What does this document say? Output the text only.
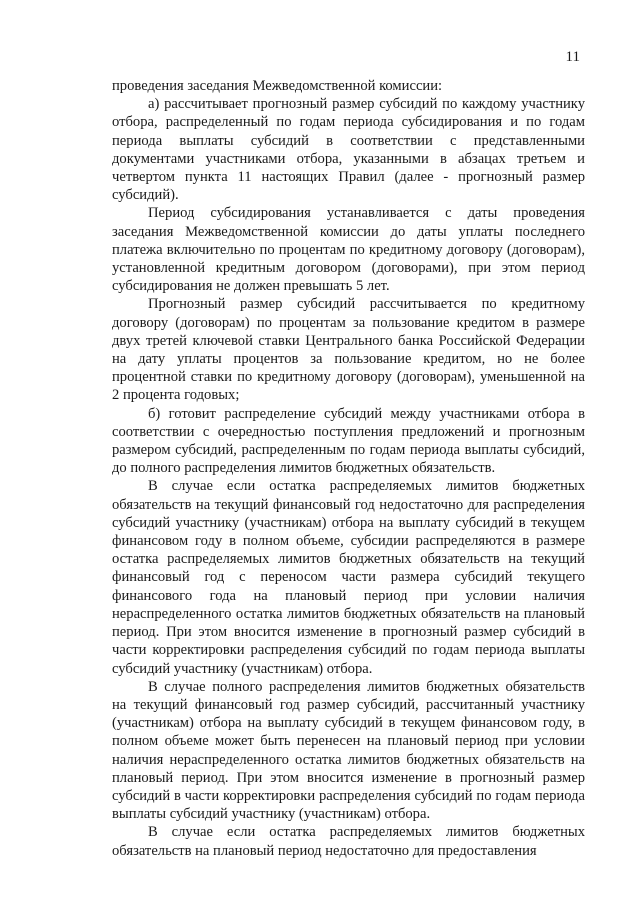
11

проведения заседания Межведомственной комиссии:

а) рассчитывает прогнозный размер субсидий по каждому участнику отбора, распределенный по годам периода субсидирования и по годам периода выплаты субсидий в соответствии с представленными документами участниками отбора, указанными в абзацах третьем и четвертом пункта 11 настоящих Правил (далее - прогнозный размер субсидий).

Период субсидирования устанавливается с даты проведения заседания Межведомственной комиссии до даты уплаты последнего платежа включительно по процентам по кредитному договору (договорам), установленной кредитным договором (договорами), при этом период субсидирования не должен превышать 5 лет.

Прогнозный размер субсидий рассчитывается по кредитному договору (договорам) по процентам за пользование кредитом в размере двух третей ключевой ставки Центрального банка Российской Федерации на дату уплаты процентов за пользование кредитом, но не более процентной ставки по кредитному договору (договорам), уменьшенной на 2 процента годовых;

б) готовит распределение субсидий между участниками отбора в соответствии с очередностью поступления предложений и прогнозным размером субсидий, распределенным по годам периода выплаты субсидий, до полного распределения лимитов бюджетных обязательств.

В случае если остатка распределяемых лимитов бюджетных обязательств на текущий финансовый год недостаточно для распределения субсидий участнику (участникам) отбора на выплату субсидий в текущем финансовом году в полном объеме, субсидии распределяются в размере остатка распределяемых лимитов бюджетных обязательств на текущий финансовый год с переносом части размера субсидий текущего финансового года на плановый период при условии наличия нераспределенного остатка лимитов бюджетных обязательств на плановый период. При этом вносится изменение в прогнозный размер субсидий в части корректировки распределения субсидий по годам периода выплаты субсидий участнику (участникам) отбора.

В случае полного распределения лимитов бюджетных обязательств на текущий финансовый год размер субсидий, рассчитанный участнику (участникам) отбора на выплату субсидий в текущем финансовом году, в полном объеме может быть перенесен на плановый период при условии наличия нераспределенного остатка лимитов бюджетных обязательств на плановый период. При этом вносится изменение в прогнозный размер субсидий в части корректировки распределения субсидий по годам периода выплаты субсидий участнику (участникам) отбора.

В случае если остатка распределяемых лимитов бюджетных обязательств на плановый период недостаточно для предоставления
